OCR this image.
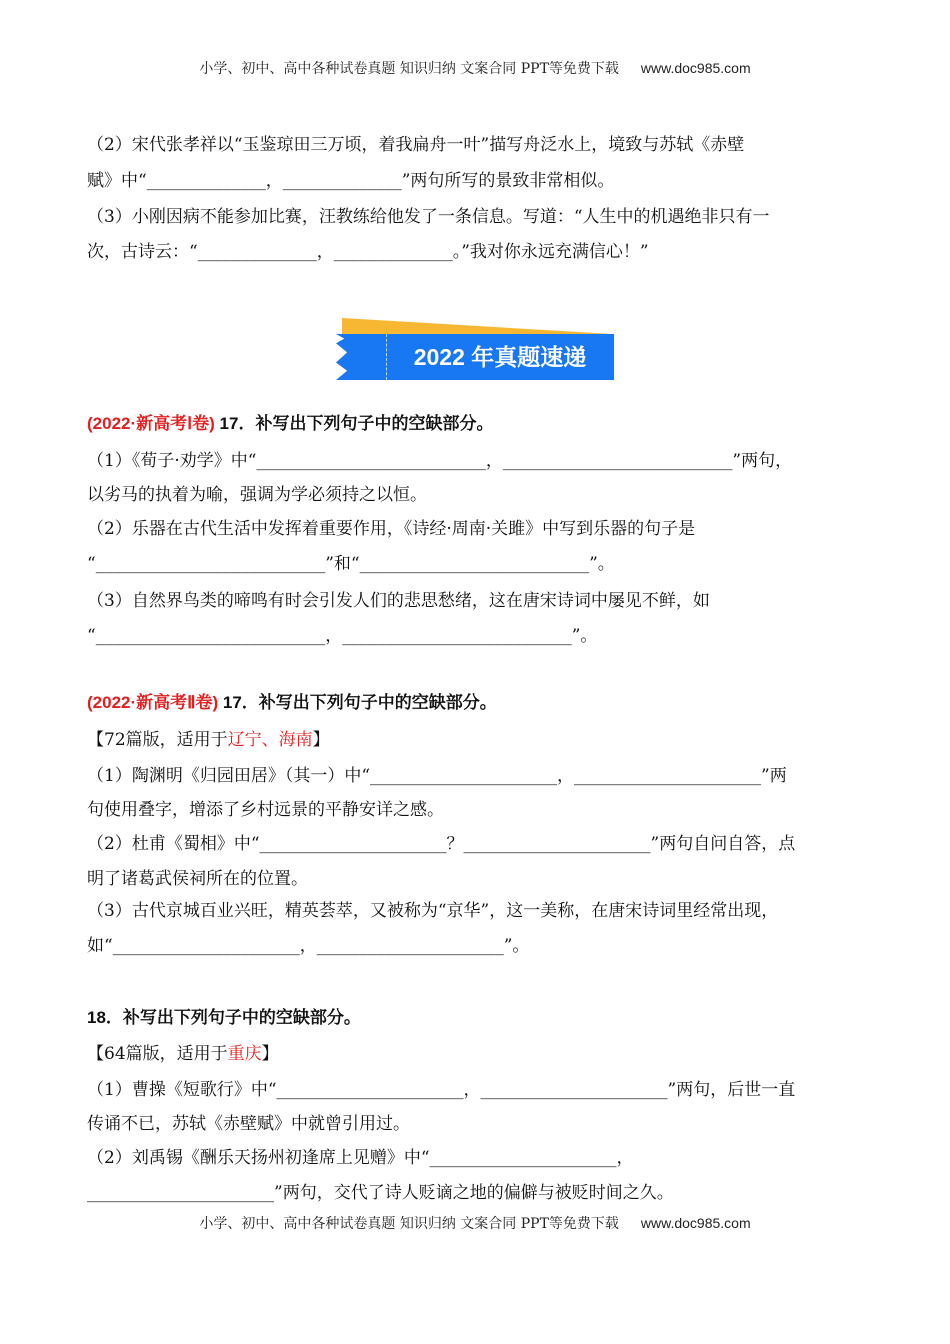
小学、初中、高中各种试卷真题 知识归纳 文案合同 PPT等免费下载 www.doc985.com
2022 年真题速递
（2）宋代张孝祥以“玉鉴琼田三万顷，着我扁舟一叶”描写舟泛水上，境致与苏轼《赤壁
赋》中“______________，______________”两句所写的景致非常相似。
（3）小刚因病不能参加比赛，汪教练给他发了一条信息。写道：“人生中的机遇绝非只有一
次，古诗云：“______________，______________。”我对你永远充满信心！”
(2022·新高考Ⅰ卷) 17．补写出下列句子中的空缺部分。
（1）《荀子·劝学》中“___________________________，___________________________”两句，
以劣马的执着为喻，强调为学必须持之以恒。
（2）乐器在古代生活中发挥着重要作用，《诗经·周南·关雎》中写到乐器的句子是
“___________________________”和“___________________________”。
（3）自然界鸟类的啼鸣有时会引发人们的悲思愁绪，这在唐宋诗词中屡见不鲜，如
“___________________________，___________________________”。
(2022·新高考Ⅱ卷) 17．补写出下列句子中的空缺部分。
【72篇版，适用于辽宁、海南】
（1）陶渊明《归园田居》（其一）中“______________________，______________________”两
句使用叠字，增添了乡村远景的平静安详之感。
（2）杜甫《蜀相》中“______________________？______________________”两句自问自答，点
明了诸葛武侯祠所在的位置。
（3）古代京城百业兴旺，精英荟萃，又被称为“京华”，这一美称，在唐宋诗词里经常出现，
如“______________________，______________________”。
18．补写出下列句子中的空缺部分。
【64篇版，适用于重庆】
（1）曹操《短歌行》中“______________________，______________________”两句，后世一直
传诵不已，苏轼《赤壁赋》中就曾引用过。
（2）刘禹锡《酬乐天扬州初逢席上见赠》中“______________________，
______________________”两句，交代了诗人贬谪之地的偏僻与被贬时间之久。
小学、初中、高中各种试卷真题 知识归纳 文案合同 PPT等免费下载 www.doc985.com
